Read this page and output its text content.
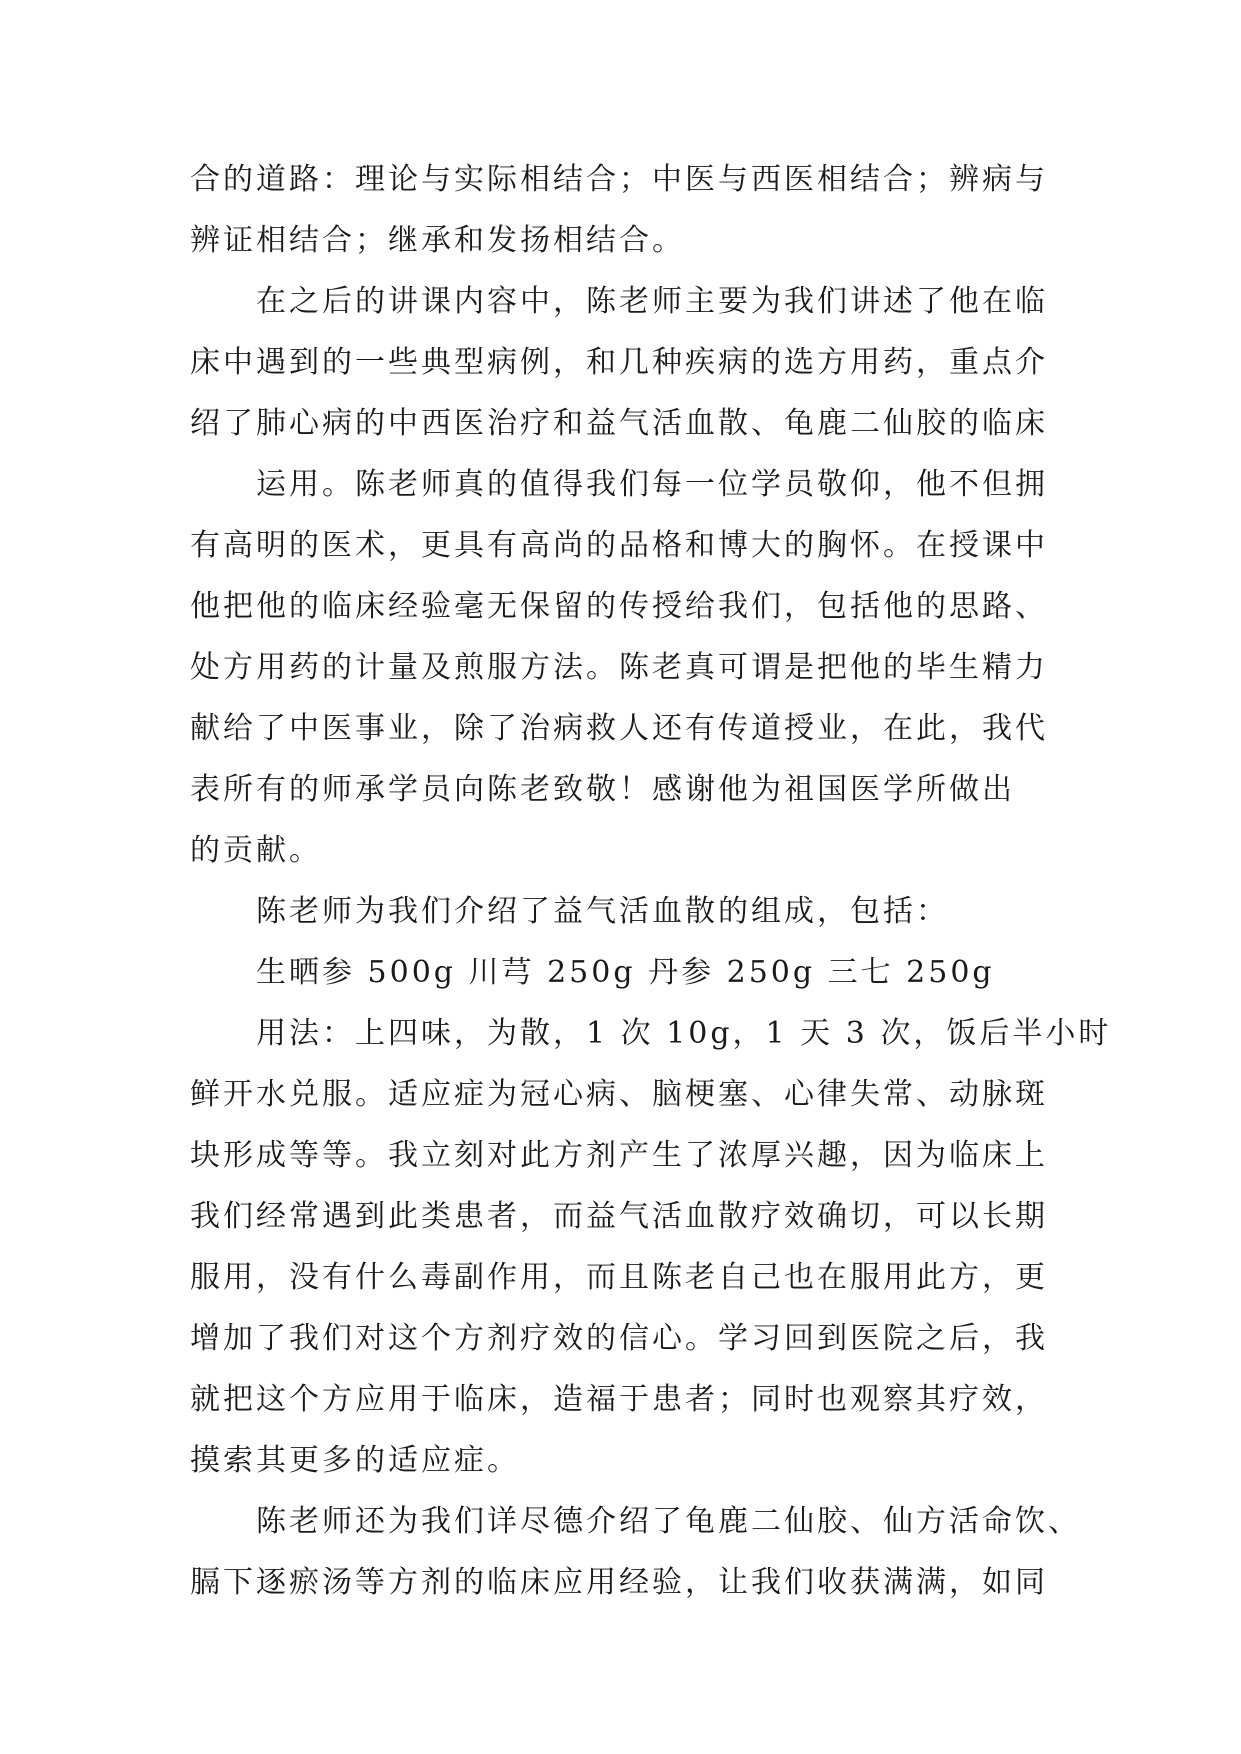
合的道路：理论与实际相结合；中医与西医相结合；辨病与
辨证相结合；继承和发扬相结合。
在之后的讲课内容中，陈老师主要为我们讲述了他在临
床中遇到的一些典型病例，和几种疾病的选方用药，重点介
绍了肺心病的中西医治疗和益气活血散、龟鹿二仙胶的临床
运用。陈老师真的值得我们每一位学员敬仰，他不但拥
有高明的医术，更具有高尚的品格和博大的胸怀。在授课中
他把他的临床经验毫无保留的传授给我们，包括他的思路、
处方用药的计量及煎服方法。陈老真可谓是把他的毕生精力
献给了中医事业，除了治病救人还有传道授业，在此，我代
表所有的师承学员向陈老致敬！感谢他为祖国医学所做出
的贡献。
陈老师为我们介绍了益气活血散的组成，包括：
生晒参 500g 川芎 250g 丹参 250g 三七 250g
用法：上四味，为散，1 次 10g，1 天 3 次，饭后半小时
鲜开水兑服。适应症为冠心病、脑梗塞、心律失常、动脉斑
块形成等等。我立刻对此方剂产生了浓厚兴趣，因为临床上
我们经常遇到此类患者，而益气活血散疗效确切，可以长期
服用，没有什么毒副作用，而且陈老自己也在服用此方，更
增加了我们对这个方剂疗效的信心。学习回到医院之后，我
就把这个方应用于临床，造福于患者；同时也观察其疗效，
摸索其更多的适应症。
陈老师还为我们详尽德介绍了龟鹿二仙胶、仙方活命饮、
膈下逐瘀汤等方剂的临床应用经验，让我们收获满满，如同
